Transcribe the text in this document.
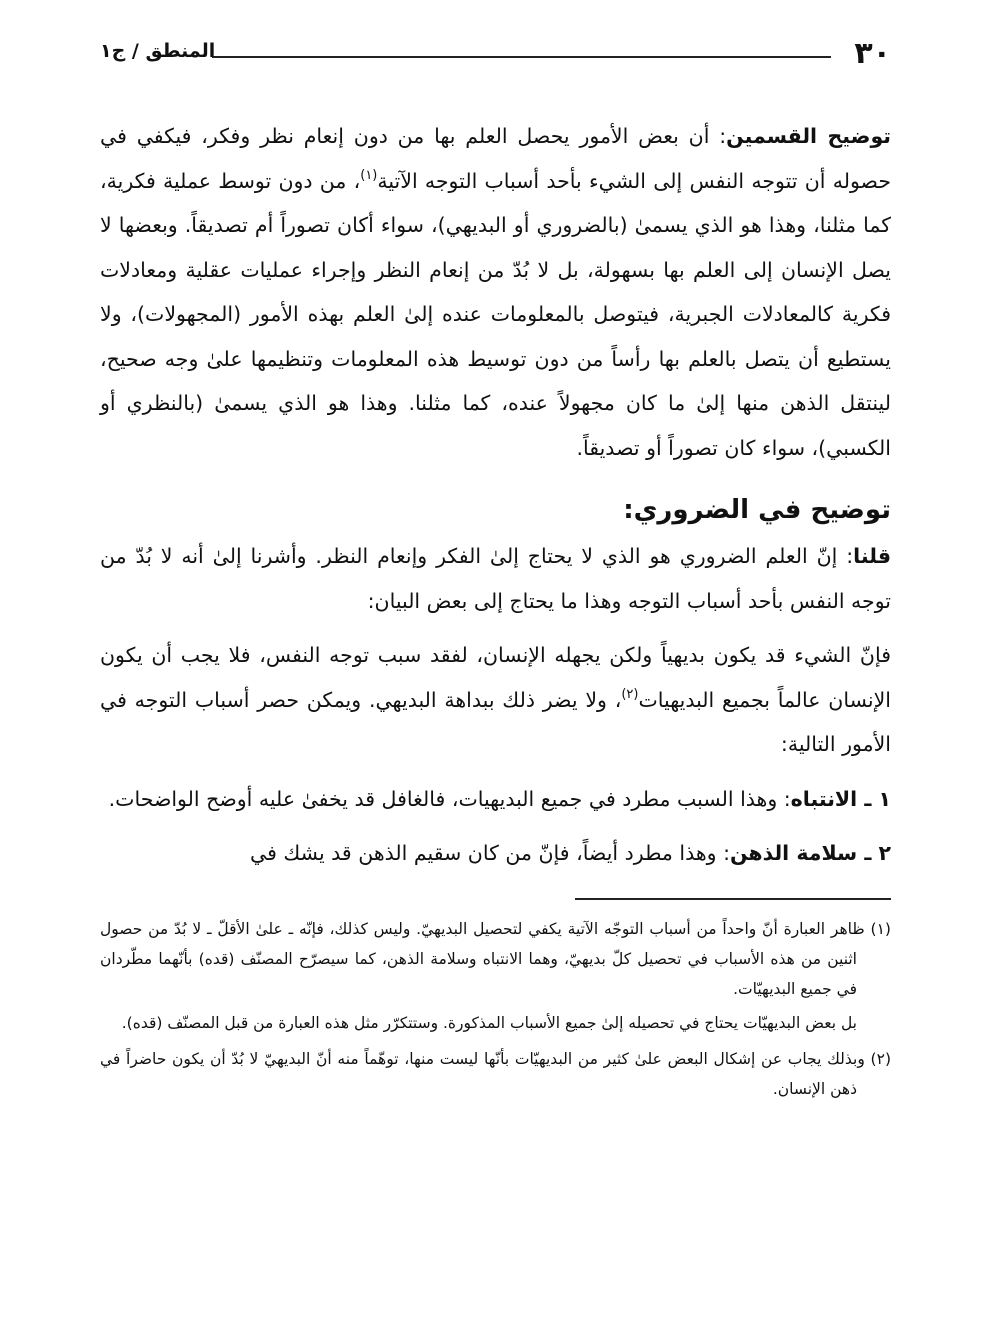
٣٠
المنطق / ج١

توضيح القسمين: أن بعض الأمور يحصل العلم بها من دون إنعام نظر وفكر، فيكفي في حصوله أن تتوجه النفس إلى الشيء بأحد أسباب التوجه الآتية$^{(١)}$، من دون توسط عملية فكرية، كما مثلنا، وهذا هو الذي يسمىٰ (بالضروري أو البديهي)، سواء أكان تصوراً أم تصديقاً. وبعضها لا يصل الإنسان إلى العلم بها بسهولة، بل لا بُدّ من إنعام النظر وإجراء عمليات عقلية ومعادلات فكرية كالمعادلات الجبرية، فيتوصل بالمعلومات عنده إلىٰ العلم بهذه الأمور (المجهولات)، ولا يستطيع أن يتصل بالعلم بها رأساً من دون توسيط هذه المعلومات وتنظيمها علىٰ وجه صحيح، لينتقل الذهن منها إلىٰ ما كان مجهولاً عنده، كما مثلنا. وهذا هو الذي يسمىٰ (بالنظري أو الكسبي)، سواء كان تصوراً أو تصديقاً.

توضيح في الضروري:

قلنا: إنّ العلم الضروري هو الذي لا يحتاج إلىٰ الفكر وإنعام النظر. وأشرنا إلىٰ أنه لا بُدّ من توجه النفس بأحد أسباب التوجه وهذا ما يحتاج إلى بعض البيان:

فإنّ الشيء قد يكون بديهياً ولكن يجهله الإنسان، لفقد سبب توجه النفس، فلا يجب أن يكون الإنسان عالماً بجميع البديهيات$^{(٢)}$، ولا يضر ذلك ببداهة البديهي. ويمكن حصر أسباب التوجه في الأمور التالية:

١ ـ الانتباه: وهذا السبب مطرد في جميع البديهيات، فالغافل قد يخفىٰ عليه أوضح الواضحات.

٢ ـ سلامة الذهن: وهذا مطرد أيضاً، فإنّ من كان سقيم الذهن قد يشك في

(١) ظاهر العبارة أنّ واحداً من أسباب التوجّه الآتية يكفي لتحصيل البديهيّ. وليس كذلك، فإنّه ـ علىٰ الأقلّ ـ لا بُدّ من حصول اثنين من هذه الأسباب في تحصيل كلّ بديهيّ، وهما الانتباه وسلامة الذهن، كما سيصرّح المصنّف (قده) بأنّهما مطّردان في جميع البديهيّات.

بل بعض البديهيّات يحتاج في تحصيله إلىٰ جميع الأسباب المذكورة. وستتكرّر مثل هذه العبارة من قبل المصنّف (قده).

(٢) وبذلك يجاب عن إشكال البعض علىٰ كثير من البديهيّات بأنّها ليست منها، توهّماً منه أنّ البديهيّ لا بُدّ أن يكون حاضراً في ذهن الإنسان.
